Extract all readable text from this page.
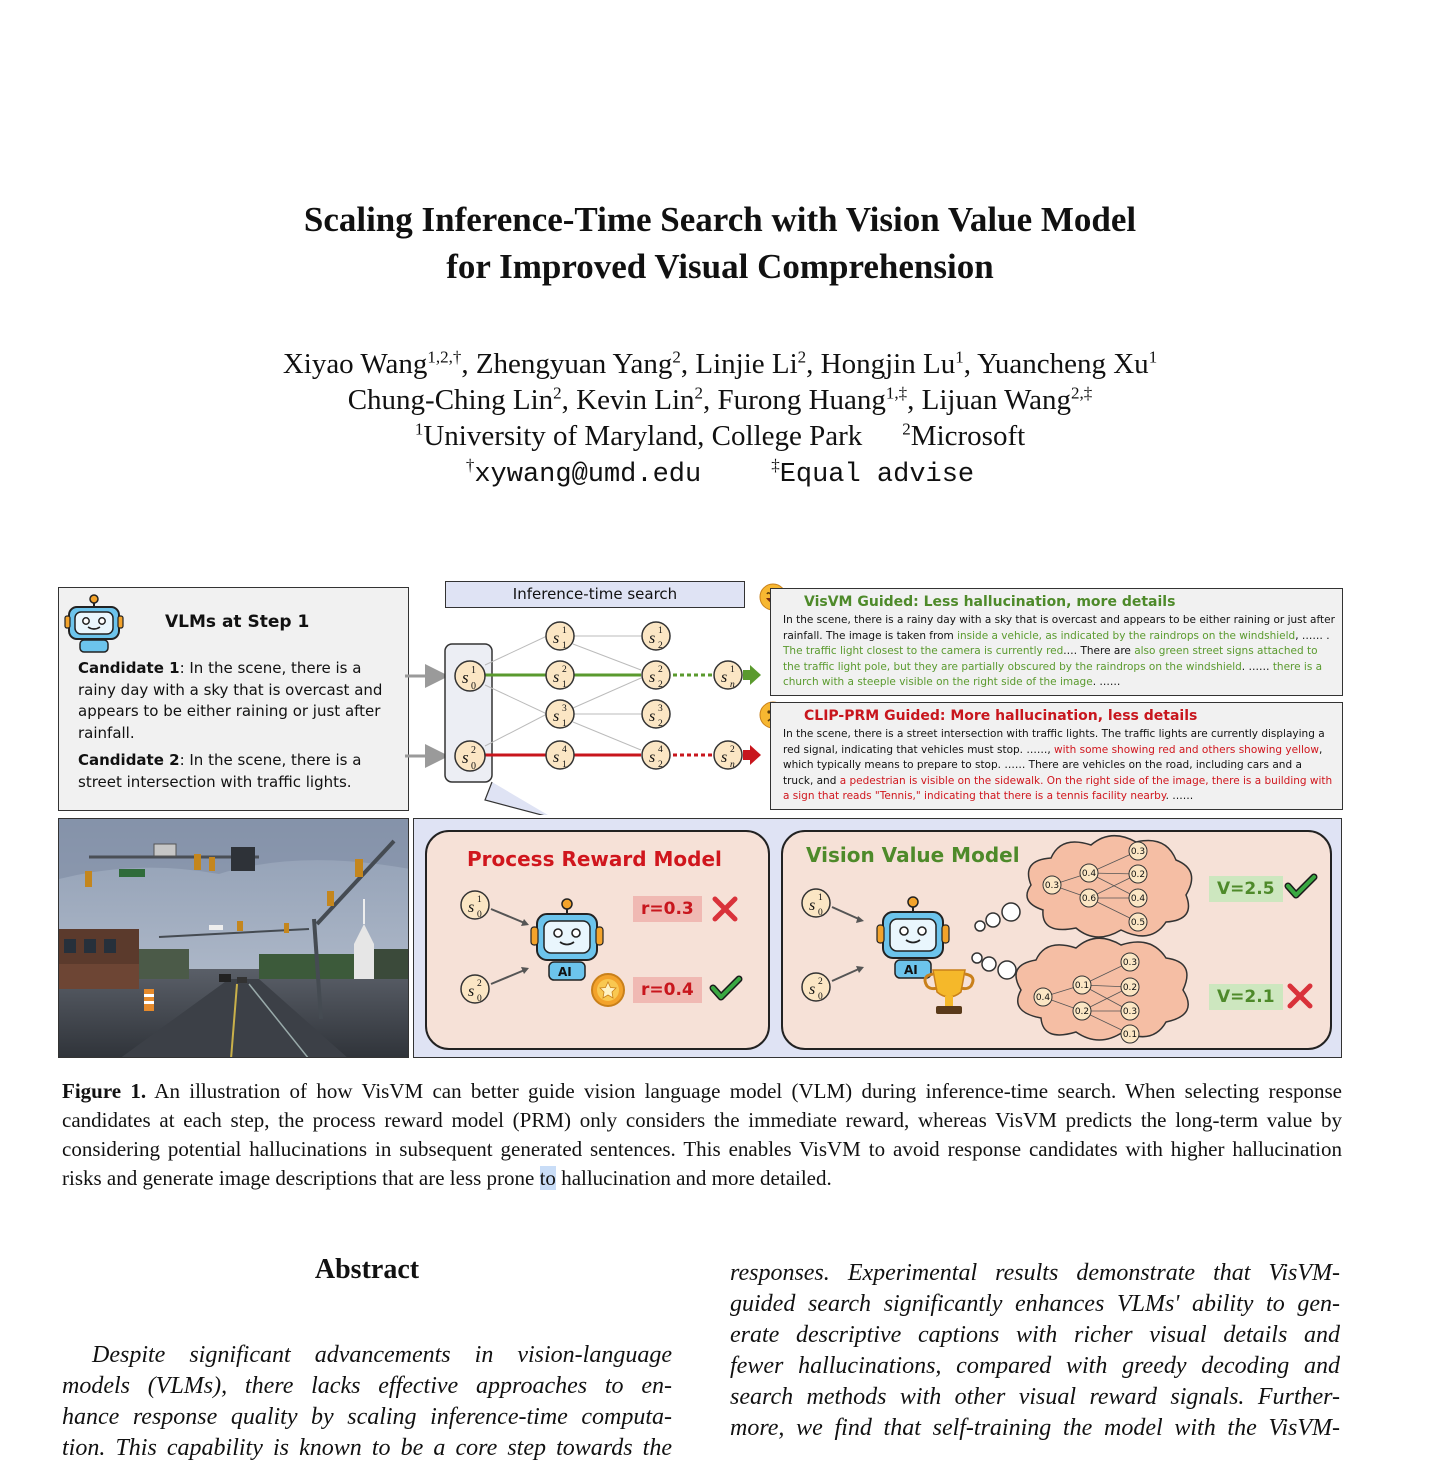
Scaling Inference-Time Search with Vision Value Model
for Improved Visual Comprehension
Xiyao Wang$^{1,2,\dagger}$, Zhengyuan Yang$^2$, Linjie Li$^2$, Hongjin Lu$^1$, Yuancheng Xu$^1$
Chung-Ching Lin$^2$, Kevin Lin$^2$, Furong Huang$^{1,\ddagger}$, Lijuan Wang$^{2,\ddagger}$
$^1$University of Maryland, College Park $^2$Microsoft
†xywang@umd.edu	‡Equal advise
VLMs at Step 1
Candidate 1: In the scene, there is a rainy day with a sky that is overcast and appears to be either raining or just after rainfall.
Candidate 2: In the scene, there is a street intersection with traffic lights.
Inference-time search
s 0
1
s 0
2
s 1
1
s 1
2
s 1
3
s 1
4
s 2
1
s 2
2
s 2
3
s 2
4
s n
1
s n
2
VisVM Guided: Less hallucination, more details
In the scene, there is a rainy day with a sky that is overcast and appears to be either raining or just after rainfall. The image is taken from inside a vehicle, as indicated by the raindrops on the windshield, …… . The traffic light closest to the camera is currently red.… There are also green street signs attached to the traffic light pole, but they are partially obscured by the raindrops on the windshield. …… there is a church with a steeple visible on the right side of the image. ……
CLIP-PRM Guided: More hallucination, less details
In the scene, there is a street intersection with traffic lights. The traffic lights are currently displaying a red signal, indicating that vehicles must stop. ……, with some showing red and others showing yellow, which typically means to prepare to stop. …… There are vehicles on the road, including cars and a truck, and a pedestrian is visible on the sidewalk. On the right side of the image, there is a building with a sign that reads "Tennis," indicating that there is a tennis facility nearby. ……
Process Reward Model
r=0.3
r=0.4
s 0
1
s 0
2
AI
Vision Value Model
V=2.5
V=2.1
s 0
1
s 0
2
AI
0.3
0.4	0.2
0.3
0.6	0.4
0.5
0.3
0.1	0.2
0.4
0.2	0.3
0.1
Figure 1. An illustration of how VisVM can better guide vision language model (VLM) during inference-time search. When selecting response candidates at each step, the process reward model (PRM) only considers the immediate reward, whereas VisVM predicts the long-term value by considering potential hallucinations in subsequent generated sentences. This enables VisVM to avoid response candidates with higher hallucination risks and generate image descriptions that are less prone to hallucination and more detailed.
Abstract
Despite significant advancements in vision-language
models (VLMs), there lacks effective approaches to en-
hance response quality by scaling inference-time computa-
tion. This capability is known to be a core step towards the
responses. Experimental results demonstrate that VisVM-
guided search significantly enhances VLMs' ability to gen-
erate descriptive captions with richer visual details and
fewer hallucinations, compared with greedy decoding and
search methods with other visual reward signals. Further-
more, we find that self-training the model with the VisVM-
